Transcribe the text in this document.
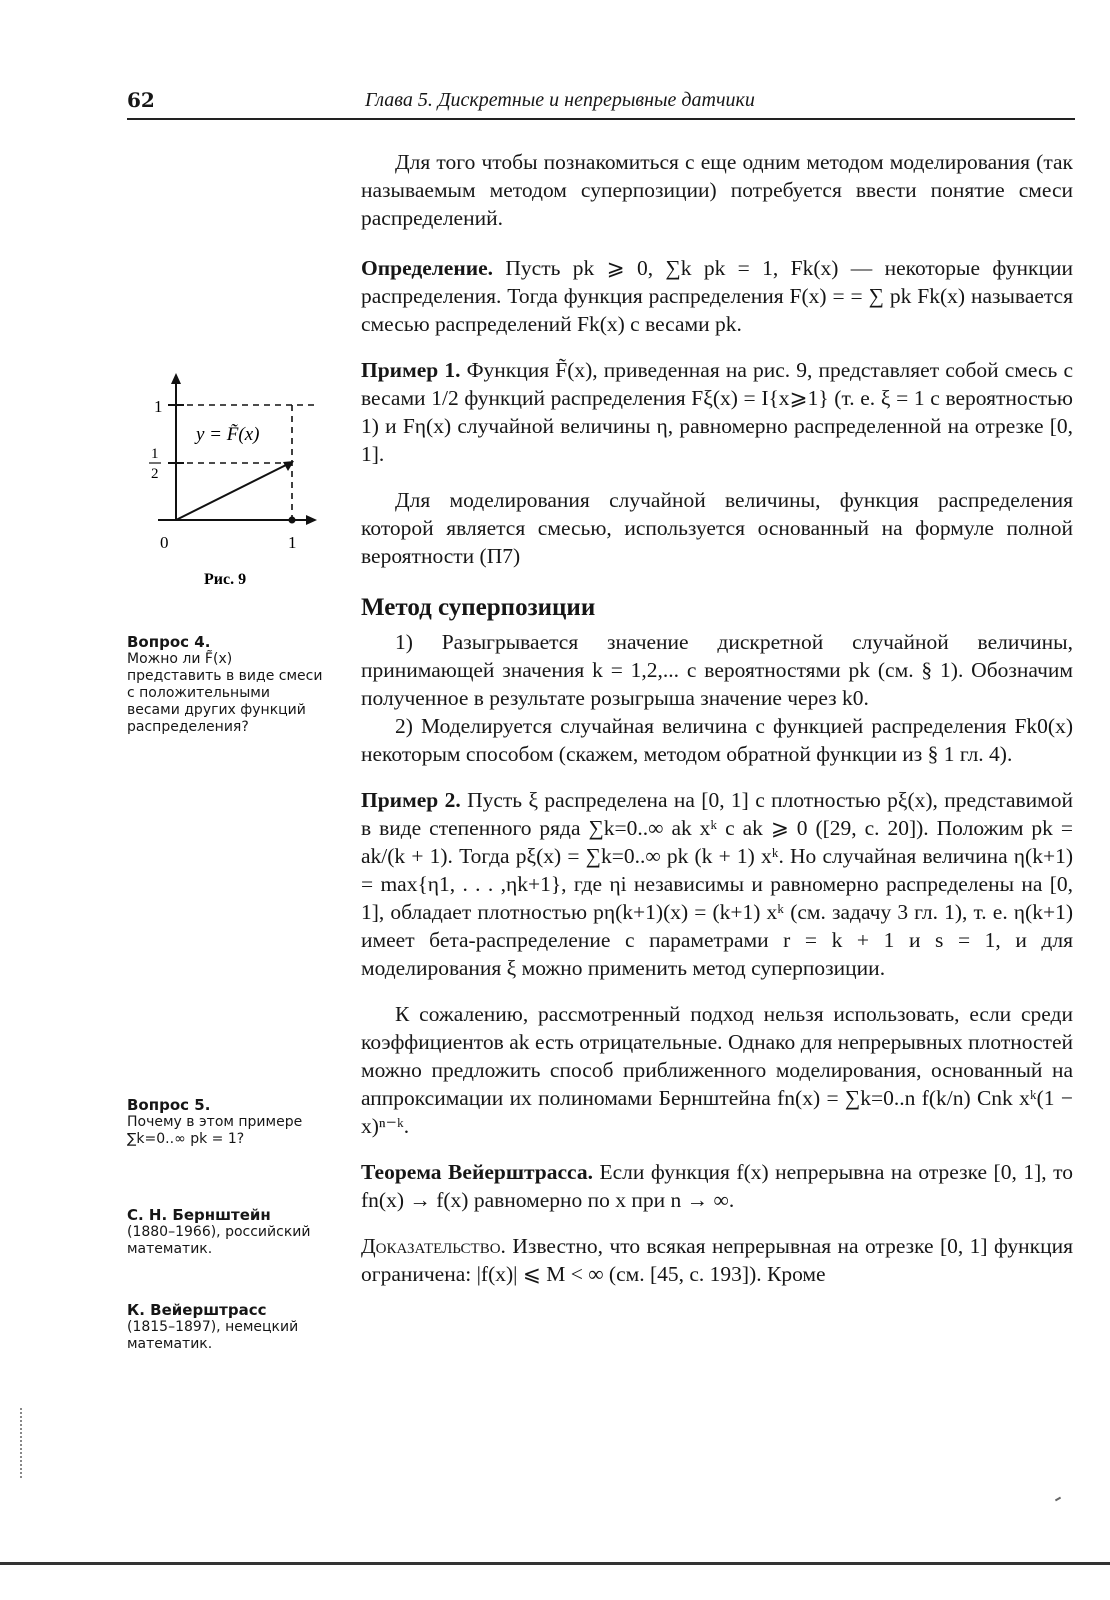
62	Глава 5. Дискретные и непрерывные датчики
y = F̃(x)
1
1
2
0	1
Рис. 9
Вопрос 4.
Можно ли F̃(x) представить в виде смеси с положительными весами других функций распределения?
Вопрос 5.
Почему в этом примере ∑k=0..∞ pk = 1?
С. Н. Бернштейн
(1880–1966), российский математик.
К. Вейерштрасс
(1815–1897), немецкий математик.

Для того чтобы познакомиться с еще одним методом моделирования (так называемым методом суперпозиции) потребуется ввести понятие смеси распределений.

Определение. Пусть pk ⩾ 0, ∑k pk = 1, Fk(x) — некоторые функции распределения. Тогда функция распределения F(x) = = ∑ pk Fk(x) называется смесью распределений Fk(x) с весами pk.

Пример 1. Функция F̃(x), приведенная на рис. 9, представляет собой смесь с весами 1/2 функций распределения Fξ(x) = I{x⩾1} (т. е. ξ = 1 с вероятностью 1) и Fη(x) случайной величины η, равномерно распределенной на отрезке [0, 1].

Для моделирования случайной величины, функция распределения которой является смесью, используется основанный на формуле полной вероятности (П7)

Метод суперпозиции

1) Разыгрывается значение дискретной случайной величины, принимающей значения k = 1,2,... с вероятностями pk (см. § 1). Обозначим полученное в результате розыгрыша значение через k0.

2) Моделируется случайная величина с функцией распределения Fk0(x) некоторым способом (скажем, методом обратной функции из § 1 гл. 4).

Пример 2. Пусть ξ распределена на [0, 1] с плотностью pξ(x), представимой в виде степенного ряда ∑k=0..∞ ak xᵏ с ak ⩾ 0 ([29, с. 20]). Положим pk = ak/(k + 1). Тогда pξ(x) = ∑k=0..∞ pk (k + 1) xᵏ. Но случайная величина η(k+1) = max{η1, . . . ,ηk+1}, где ηi независимы и равномерно распределены на [0, 1], обладает плотностью pη(k+1)(x) = (k+1) xᵏ (см. задачу 3 гл. 1), т. е. η(k+1) имеет бета-распределение с параметрами r = k + 1 и s = 1, и для моделирования ξ можно применить метод суперпозиции.

К сожалению, рассмотренный подход нельзя использовать, если среди коэффициентов ak есть отрицательные. Однако для непрерывных плотностей можно предложить способ приближенного моделирования, основанный на аппроксимации их полиномами Бернштейна fn(x) = ∑k=0..n f(k/n) Cnk xᵏ(1 − x)ⁿ⁻ᵏ.

Теорема Вейерштрасса. Если функция f(x) непрерывна на отрезке [0, 1], то fn(x) → f(x) равномерно по x при n → ∞.

Доказательство. Известно, что всякая непрерывная на отрезке [0, 1] функция ограничена: |f(x)| ⩽ M < ∞ (см. [45, с. 193]). Кроме
